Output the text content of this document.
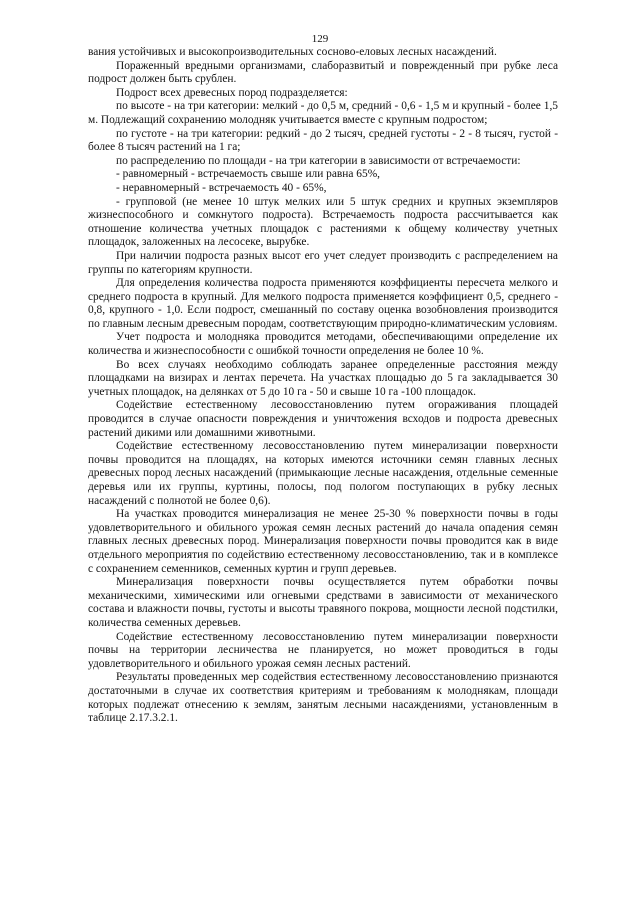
129

вания устойчивых и высокопроизводительных сосново-еловых лесных насаждений.

Пораженный вредными организмами, слаборазвитый и поврежденный при рубке леса подрост должен быть срублен.

Подрост всех древесных пород подразделяется:

по высоте - на три категории: мелкий - до 0,5 м, средний - 0,6 - 1,5 м и крупный - более 1,5 м. Подлежащий сохранению молодняк учитывается вместе с крупным подростом;

по густоте - на три категории: редкий - до 2 тысяч, средней густоты - 2 - 8 тысяч, густой - более 8 тысяч растений на 1 га;

по распределению по площади - на три категории в зависимости от встречаемости:

- равномерный - встречаемость свыше или равна 65%,

- неравномерный - встречаемость 40 - 65%,

- групповой (не менее 10 штук мелких или 5 штук средних и крупных экземпляров жизнеспособного и сомкнутого подроста). Встречаемость подроста рассчитывается как отношение количества учетных площадок с растениями к общему количеству учетных площадок, заложенных на лесосеке, вырубке.

При наличии подроста разных высот его учет следует производить с распределением на группы по категориям крупности.

Для определения количества подроста применяются коэффициенты пересчета мелкого и среднего подроста в крупный. Для мелкого подроста применяется коэффициент 0,5, среднего - 0,8, крупного - 1,0. Если подрост, смешанный по составу оценка возобновления производится по главным лесным древесным породам, соответствующим природно-климатическим условиям.

Учет подроста и молодняка проводится методами, обеспечивающими определение их количества и жизнеспособности с ошибкой точности определения не более 10 %.

Во всех случаях необходимо соблюдать заранее определенные расстояния между площадками на визирах и лентах перечета. На участках площадью до 5 га закладывается 30 учетных площадок, на делянках от 5 до 10 га - 50 и свыше 10 га -100 площадок.

Содействие естественному лесовосстановлению путем огораживания площадей проводится в случае опасности повреждения и уничтожения всходов и подроста древесных растений дикими или домашними животными.

Содействие естественному лесовосстановлению путем минерализации поверхности почвы проводится на площадях, на которых имеются источники семян главных лесных древесных пород лесных насаждений (примыкающие лесные насаждения, отдельные семенные деревья или их группы, куртины, полосы, под пологом поступающих в рубку лесных насаждений с полнотой не более 0,6).

На участках проводится минерализация не менее 25-30 % поверхности почвы в годы удовлетворительного и обильного урожая семян лесных растений до начала опадения семян главных лесных древесных пород. Минерализация поверхности почвы проводится как в виде отдельного мероприятия по содействию естественному лесовосстановлению, так и в комплексе с сохранением семенников, семенных куртин и групп деревьев.

Минерализация поверхности почвы осуществляется путем обработки почвы механическими, химическими или огневыми средствами в зависимости от механического состава и влажности почвы, густоты и высоты травяного покрова, мощности лесной подстилки, количества семенных деревьев.

Содействие естественному лесовосстановлению путем минерализации поверхности почвы на территории лесничества не планируется, но может проводиться в годы удовлетворительного и обильного урожая семян лесных растений.

Результаты проведенных мер содействия естественному лесовосстановлению признаются достаточными в случае их соответствия критериям и требованиям к молоднякам, площади которых подлежат отнесению к землям, занятым лесными насаждениями, установленным в таблице 2.17.3.2.1.
